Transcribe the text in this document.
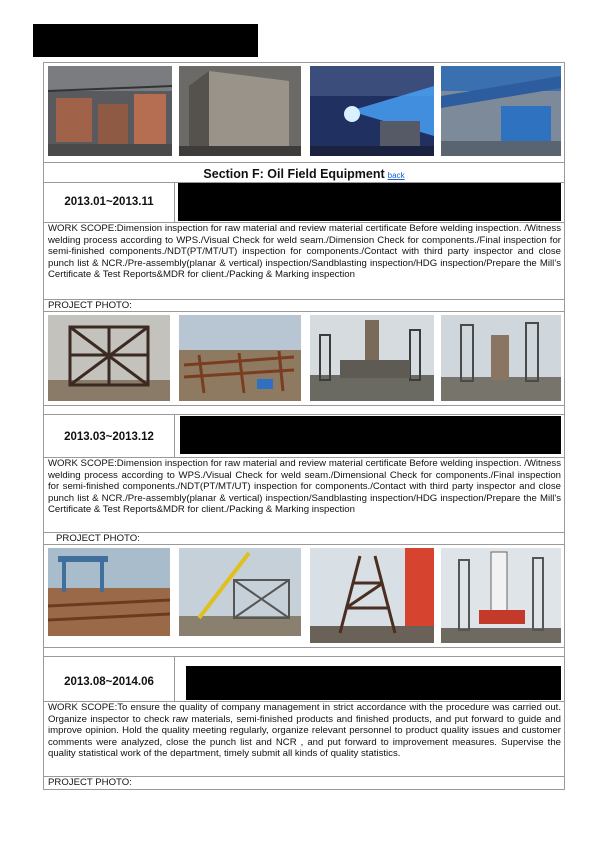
Section F: Oil Field Equipment back
2013.01~2013.11
WORK SCOPE:Dimension inspection for raw material and review material certificate Before welding inspection. /Witness welding process according to WPS./Visual Check for weld seam./Dimension Check for components./Final inspection for semi-finished components./NDT(PT/MT/UT) inspection for components./Contact with third party inspector and close punch list & NCR./Pre-assembly(planar & vertical) inspection/Sandblasting inspection/HDG inspection/Prepare the Mill’s Certificate & Test Reports&MDR for client./Packing & Marking inspection
PROJECT PHOTO:
2013.03~2013.12
WORK SCOPE:Dimension inspection for raw material and review material certificate Before welding inspection. /Witness welding process according to WPS./Visual Check for weld seam./Dimensional Check for components./Final inspection for semi-finished components./NDT(PT/MT/UT) inspection for components./Contact with third party inspector and close punch list & NCR./Pre-assembly(planar & vertical) inspection/Sandblasting inspection/HDG inspection/Prepare the Mill's Certificate & Test Reports&MDR for client./Packing & Marking inspection
PROJECT PHOTO:
2013.08~2014.06
WORK SCOPE:To ensure the quality of company management in strict accordance with the procedure was carried out. Organize inspector to check raw materials, semi-finished products and finished products, and put forward to guide and improve opinion. Hold the quality meeting regularly, organize relevant personnel to product quality issues and customer comments were analyzed, close the punch list and NCR , and put forward to improvement measures. Supervise the quality statistical work of the department, timely submit all kinds of quality statistics.
PROJECT PHOTO:
